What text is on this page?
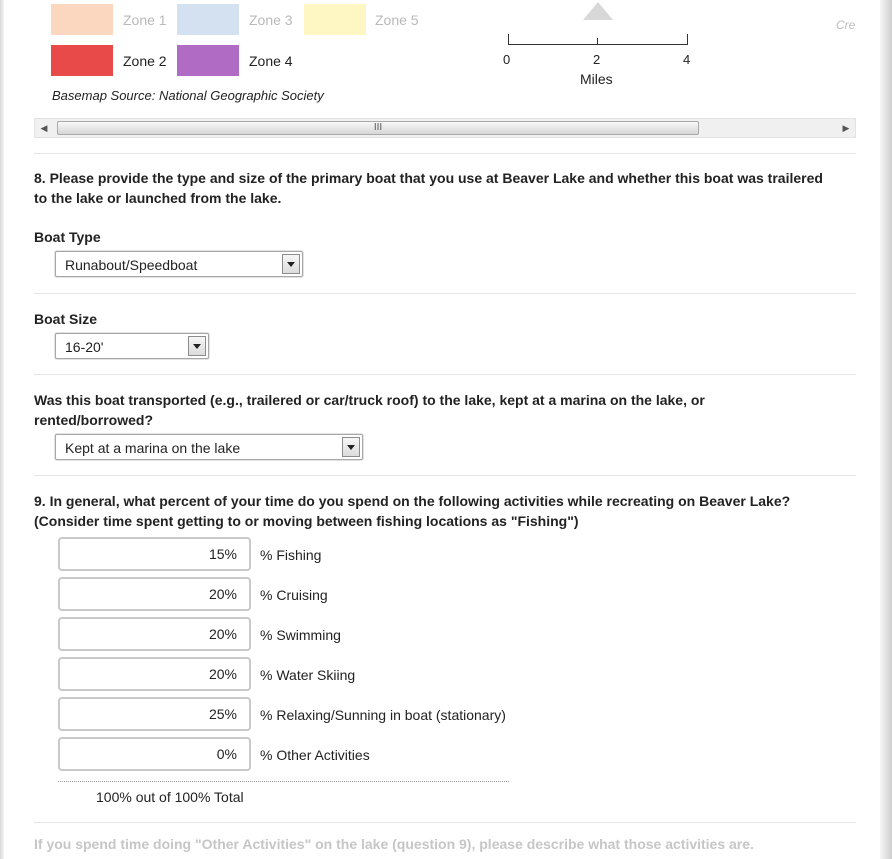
Zone 1	Zone 3	Zone 5
Zone 2	Zone 4
Basemap Source: National Geographic Society
0	2	4
Miles
Cre
◀	III	▶
8. Please provide the type and size of the primary boat that you use at Beaver Lake and whether this boat was trailered to the lake or launched from the lake.
Boat Type
Runabout/Speedboat
Boat Size
16-20'
Was this boat transported (e.g., trailered or car/truck roof) to the lake, kept at a marina on the lake, or rented/borrowed?
Kept at a marina on the lake
9. In general, what percent of your time do you spend on the following activities while recreating on Beaver Lake? (Consider time spent getting to or moving between fishing locations as "Fishing")
15% % Fishing
20% % Cruising
20% % Swimming
20% % Water Skiing
25% % Relaxing/Sunning in boat (stationary)
0% % Other Activities
100% out of 100% Total
If you spend time doing "Other Activities" on the lake (question 9), please describe what those activities are.
